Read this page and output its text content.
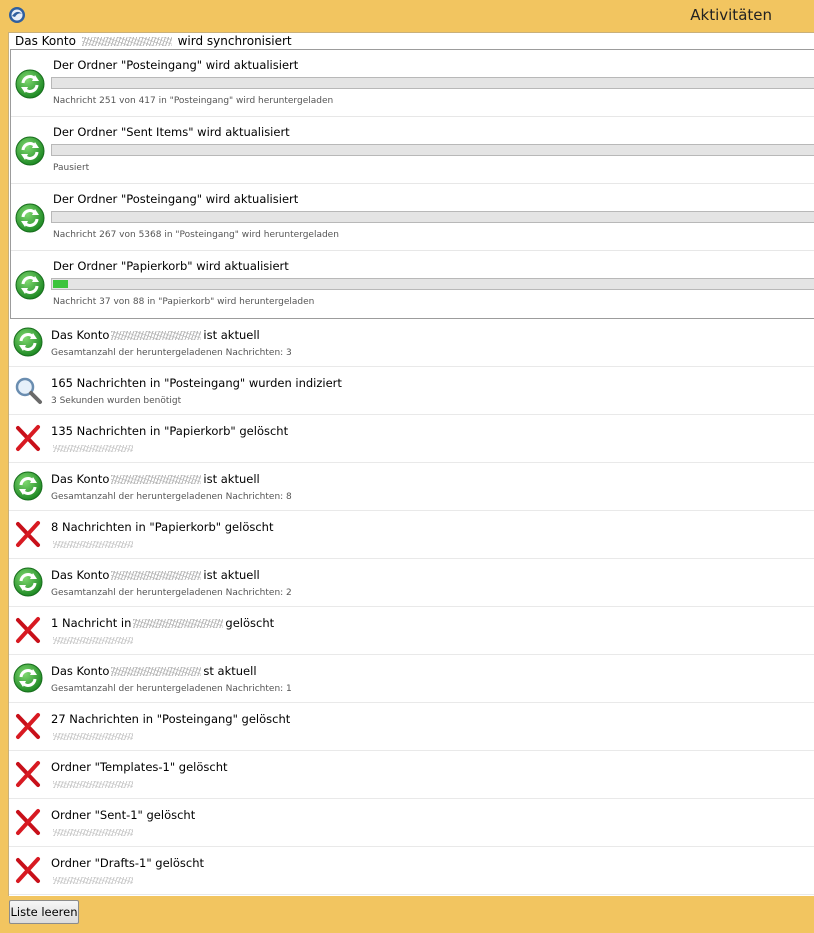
Aktivitäten
Das Konto	wird synchronisiert
Der Ordner "Posteingang" wird aktualisiert
Nachricht 251 von 417 in "Posteingang" wird heruntergeladen
Der Ordner "Sent Items" wird aktualisiert
Pausiert
Der Ordner "Posteingang" wird aktualisiert
Nachricht 267 von 5368 in "Posteingang" wird heruntergeladen
Der Ordner "Papierkorb" wird aktualisiert
Nachricht 37 von 88 in "Papierkorb" wird heruntergeladen
Das Konto	ist aktuell
Gesamtanzahl der heruntergeladenen Nachrichten: 3
165 Nachrichten in "Posteingang" wurden indiziert
3 Sekunden wurden benötigt
135 Nachrichten in "Papierkorb" gelöscht
Das Konto	ist aktuell
Gesamtanzahl der heruntergeladenen Nachrichten: 8
8 Nachrichten in "Papierkorb" gelöscht
Das Konto	ist aktuell
Gesamtanzahl der heruntergeladenen Nachrichten: 2
1 Nachricht in	gelöscht
Das Konto	st aktuell
Gesamtanzahl der heruntergeladenen Nachrichten: 1
27 Nachrichten in "Posteingang" gelöscht
Ordner "Templates-1" gelöscht
Ordner "Sent-1" gelöscht
Ordner "Drafts-1" gelöscht
Liste leeren
